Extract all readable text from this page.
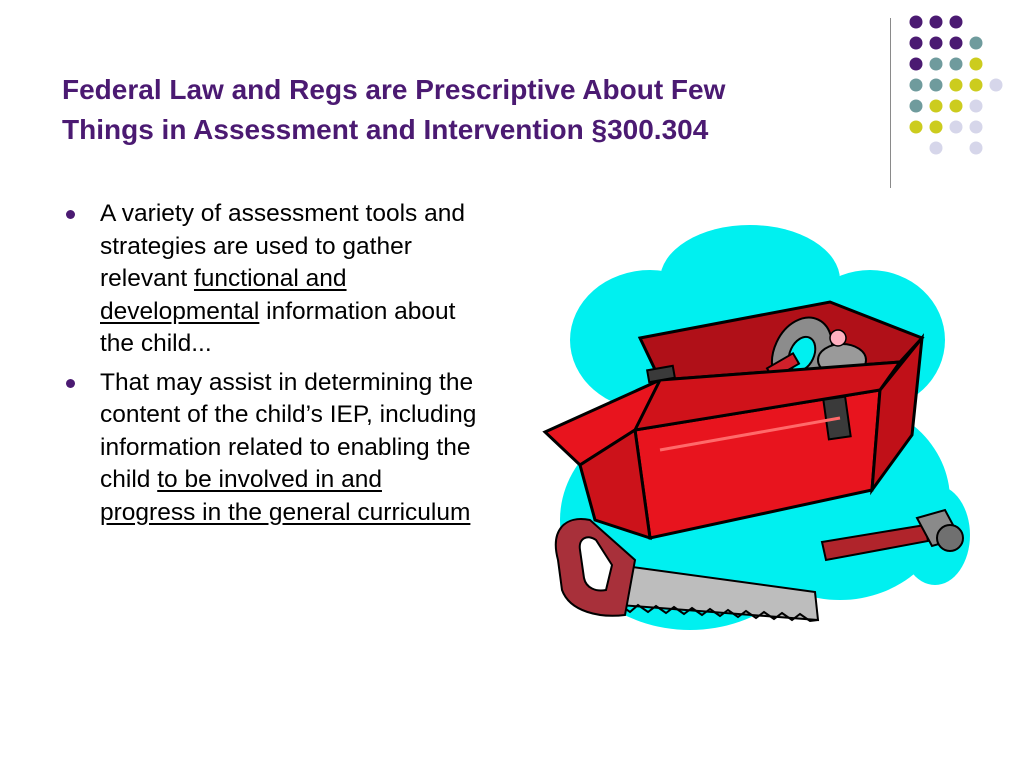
Federal Law and Regs are Prescriptive About Few
Things in Assessment and Intervention §300.304
A variety of assessment tools and strategies are used to gather relevant functional and developmental information about the child...
That may assist in determining the content of the child’s IEP, including information related to enabling the child to be involved in and progress in the general curriculum
